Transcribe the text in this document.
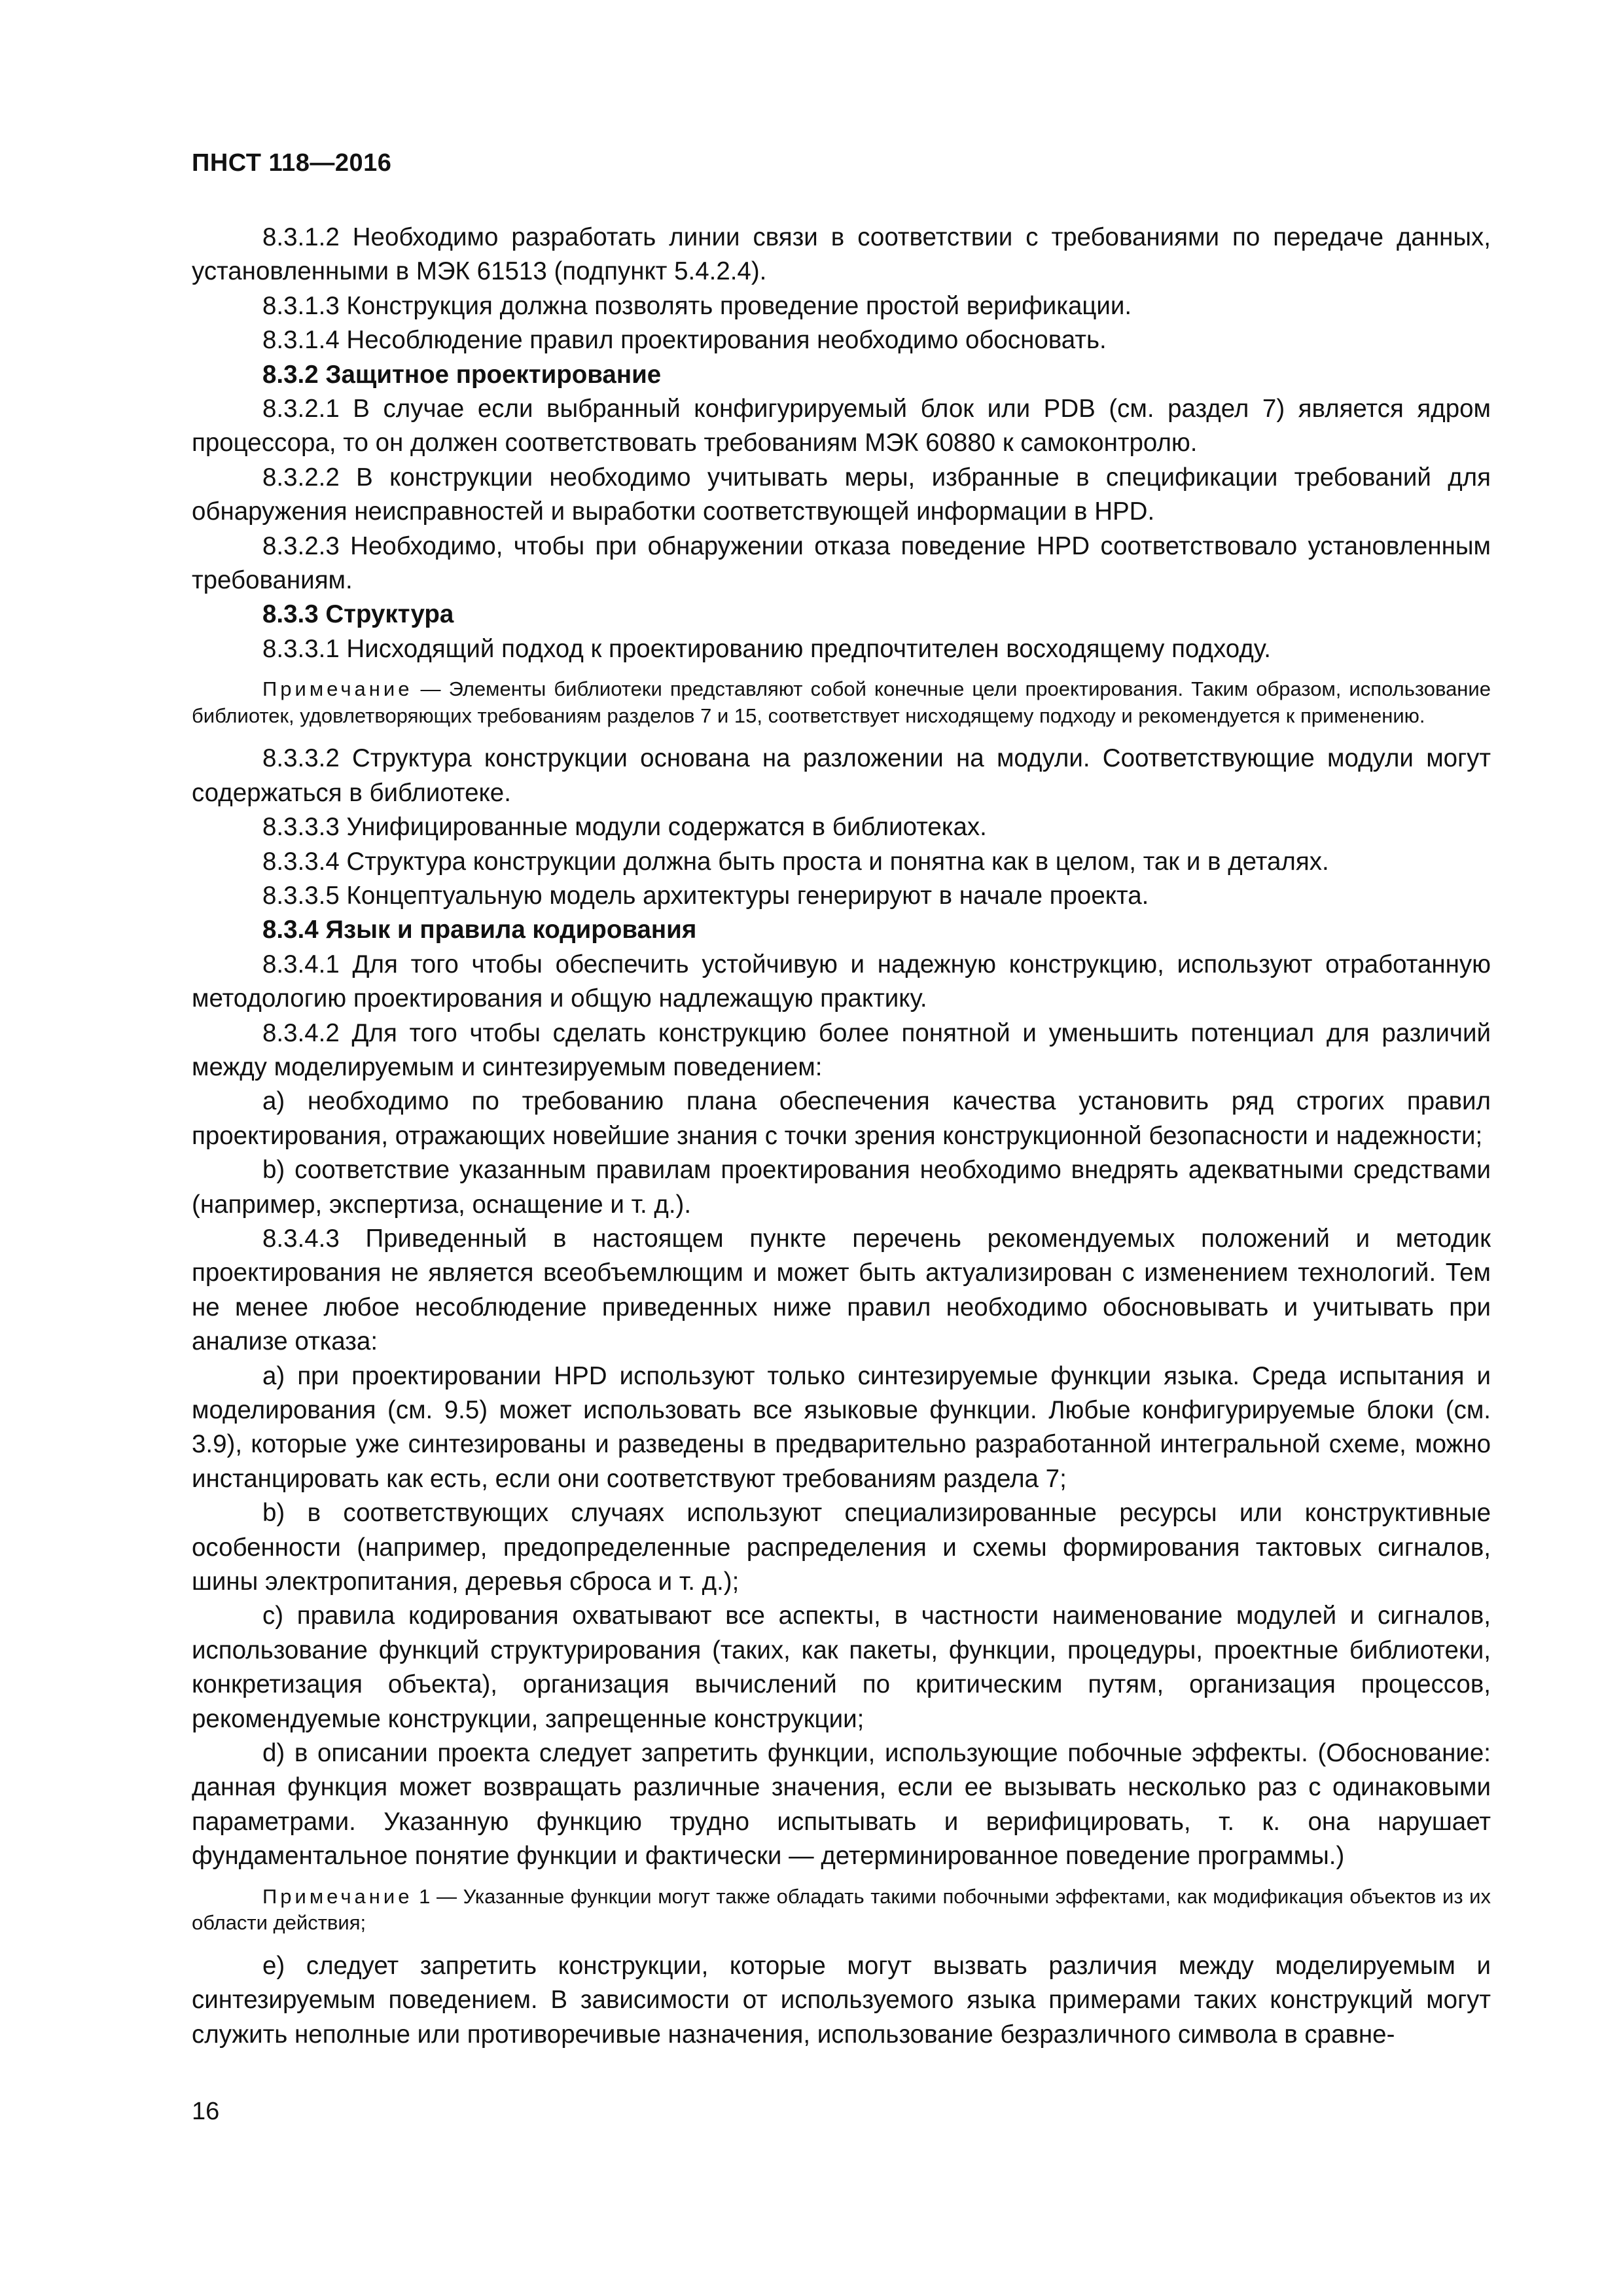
ПНСТ 118—2016

8.3.1.2 Необходимо разработать линии связи в соответствии с требованиями по передаче данных, установленными в МЭК 61513 (подпункт 5.4.2.4).

8.3.1.3 Конструкция должна позволять проведение простой верификации.

8.3.1.4 Несоблюдение правил проектирования необходимо обосновать.

8.3.2 Защитное проектирование

8.3.2.1 В случае если выбранный конфигурируемый блок или PDB (см. раздел 7) является ядром процессора, то он должен соответствовать требованиям МЭК 60880 к самоконтролю.

8.3.2.2 В конструкции необходимо учитывать меры, избранные в спецификации требований для обнаружения неисправностей и выработки соответствующей информации в HPD.

8.3.2.3 Необходимо, чтобы при обнаружении отказа поведение HPD соответствовало установленным требованиям.

8.3.3 Структура

8.3.3.1 Нисходящий подход к проектированию предпочтителен восходящему подходу.

Примечание — Элементы библиотеки представляют собой конечные цели проектирования. Таким образом, использование библиотек, удовлетворяющих требованиям разделов 7 и 15, соответствует нисходящему подходу и рекомендуется к применению.

8.3.3.2 Структура конструкции основана на разложении на модули. Соответствующие модули могут содержаться в библиотеке.

8.3.3.3 Унифицированные модули содержатся в библиотеках.

8.3.3.4 Структура конструкции должна быть проста и понятна как в целом, так и в деталях.

8.3.3.5 Концептуальную модель архитектуры генерируют в начале проекта.

8.3.4 Язык и правила кодирования

8.3.4.1 Для того чтобы обеспечить устойчивую и надежную конструкцию, используют отработанную методологию проектирования и общую надлежащую практику.

8.3.4.2 Для того чтобы сделать конструкцию более понятной и уменьшить потенциал для различий между моделируемым и синтезируемым поведением:

а) необходимо по требованию плана обеспечения качества установить ряд строгих правил проектирования, отражающих новейшие знания с точки зрения конструкционной безопасности и надежности;

b) соответствие указанным правилам проектирования необходимо внедрять адекватными средствами (например, экспертиза, оснащение и т. д.).

8.3.4.3 Приведенный в настоящем пункте перечень рекомендуемых положений и методик проектирования не является всеобъемлющим и может быть актуализирован с изменением технологий. Тем не менее любое несоблюдение приведенных ниже правил необходимо обосновывать и учитывать при анализе отказа:

а) при проектировании HPD используют только синтезируемые функции языка. Среда испытания и моделирования (см. 9.5) может использовать все языковые функции. Любые конфигурируемые блоки (см. 3.9), которые уже синтезированы и разведены в предварительно разработанной интегральной схеме, можно инстанцировать как есть, если они соответствуют требованиям раздела 7;

b) в соответствующих случаях используют специализированные ресурсы или конструктивные особенности (например, предопределенные распределения и схемы формирования тактовых сигналов, шины электропитания, деревья сброса и т. д.);

c) правила кодирования охватывают все аспекты, в частности наименование модулей и сигналов, использование функций структурирования (таких, как пакеты, функции, процедуры, проектные библиотеки, конкретизация объекта), организация вычислений по критическим путям, организация процессов, рекомендуемые конструкции, запрещенные конструкции;

d) в описании проекта следует запретить функции, использующие побочные эффекты. (Обоснование: данная функция может возвращать различные значения, если ее вызывать несколько раз с одинаковыми параметрами. Указанную функцию трудно испытывать и верифицировать, т. к. она нарушает фундаментальное понятие функции и фактически — детерминированное поведение программы.)

Примечание 1 — Указанные функции могут также обладать такими побочными эффектами, как модификация объектов из их области действия;

е) следует запретить конструкции, которые могут вызвать различия между моделируемым и синтезируемым поведением. В зависимости от используемого языка примерами таких конструкций могут служить неполные или противоречивые назначения, использование безразличного символа в сравне-

16
